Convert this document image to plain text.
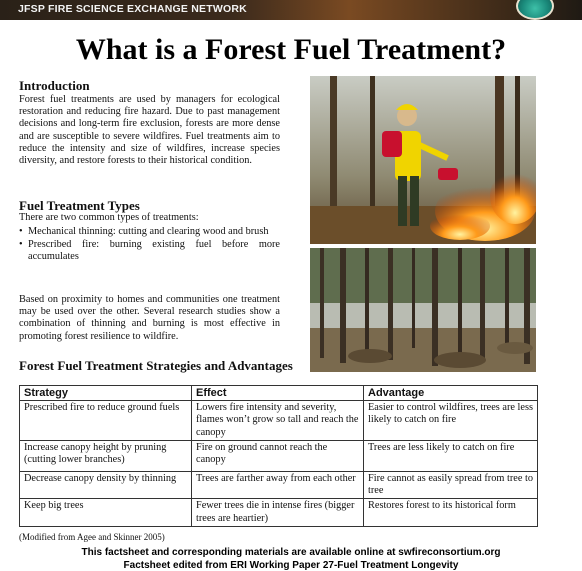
JFSP FIRE SCIENCE EXCHANGE NETWORK
What is a Forest Fuel Treatment?
Introduction
Forest fuel treatments are used by managers for ecological restoration and reducing fire hazard. Due to past management decisions and long-term fire exclusion, forests are more dense and are susceptible to severe wildfires. Fuel treatments aim to reduce the intensity and size of wildfires, increase species diversity, and restore forests to their historical condition.
Fuel Treatment Types
There are two common types of treatments:
• Mechanical thinning: cutting and clearing wood and brush
• Prescribed fire: burning existing fuel before more accumulates
Based on proximity to homes and communities one treatment may be used over the other. Several research studies show a combination of thinning and burning is most effective in promoting forest resilience to wildfire.
Forest Fuel Treatment Strategies and Advantages
Strategy	Effect	Advantage
Prescribed fire to reduce ground fuels	Lowers fire intensity and severity, flames won’t grow so tall and reach the canopy	Easier to control wildfires, trees are less likely to catch on fire
Increase canopy height by pruning (cutting lower branches)	Fire on ground cannot reach the canopy	Trees are less likely to catch on fire
Decrease canopy density by thinning	Trees are farther away from each other	Fire cannot as easily spread from tree to tree
Keep big trees	Fewer trees die in intense fires (bigger trees are heartier)	Restores forest to its historical form
(Modified from Agee and Skinner 2005)
This factsheet and corresponding materials are available online at swfireconsortium.org
Factsheet edited from ERI Working Paper 27-Fuel Treatment Longevity
